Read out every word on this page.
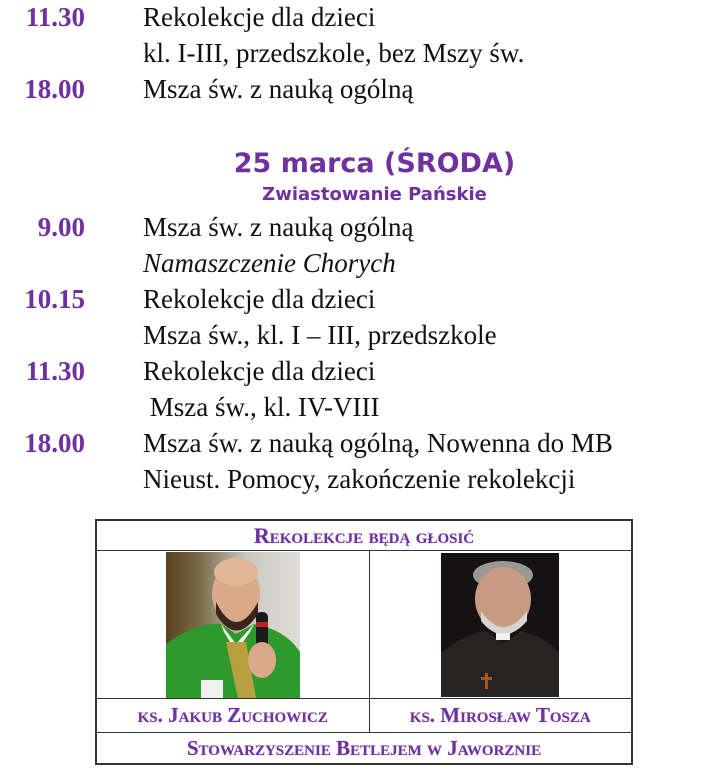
11.30 Rekolekcje dla dzieci
kl. I-III, przedszkole, bez Mszy św.
18.00 Msza św. z nauką ogólną
25 marca (ŚRODA)
Zwiastowanie Pańskie
9.00 Msza św. z nauką ogólną
Namaszczenie Chorych
10.15 Rekolekcje dla dzieci
Msza św., kl. I – III, przedszkole
11.30 Rekolekcje dla dzieci
Msza św., kl. IV-VIII
18.00 Msza św. z nauką ogólną, Nowenna do MB
Nieust. Pomocy, zakończenie rekolekcji
Rekolekcje będą głosić	

ks. Jakub Zuchowicz	ks. Mirosław Tosza
Stowarzyszenie Betlejem w Jaworznie	
